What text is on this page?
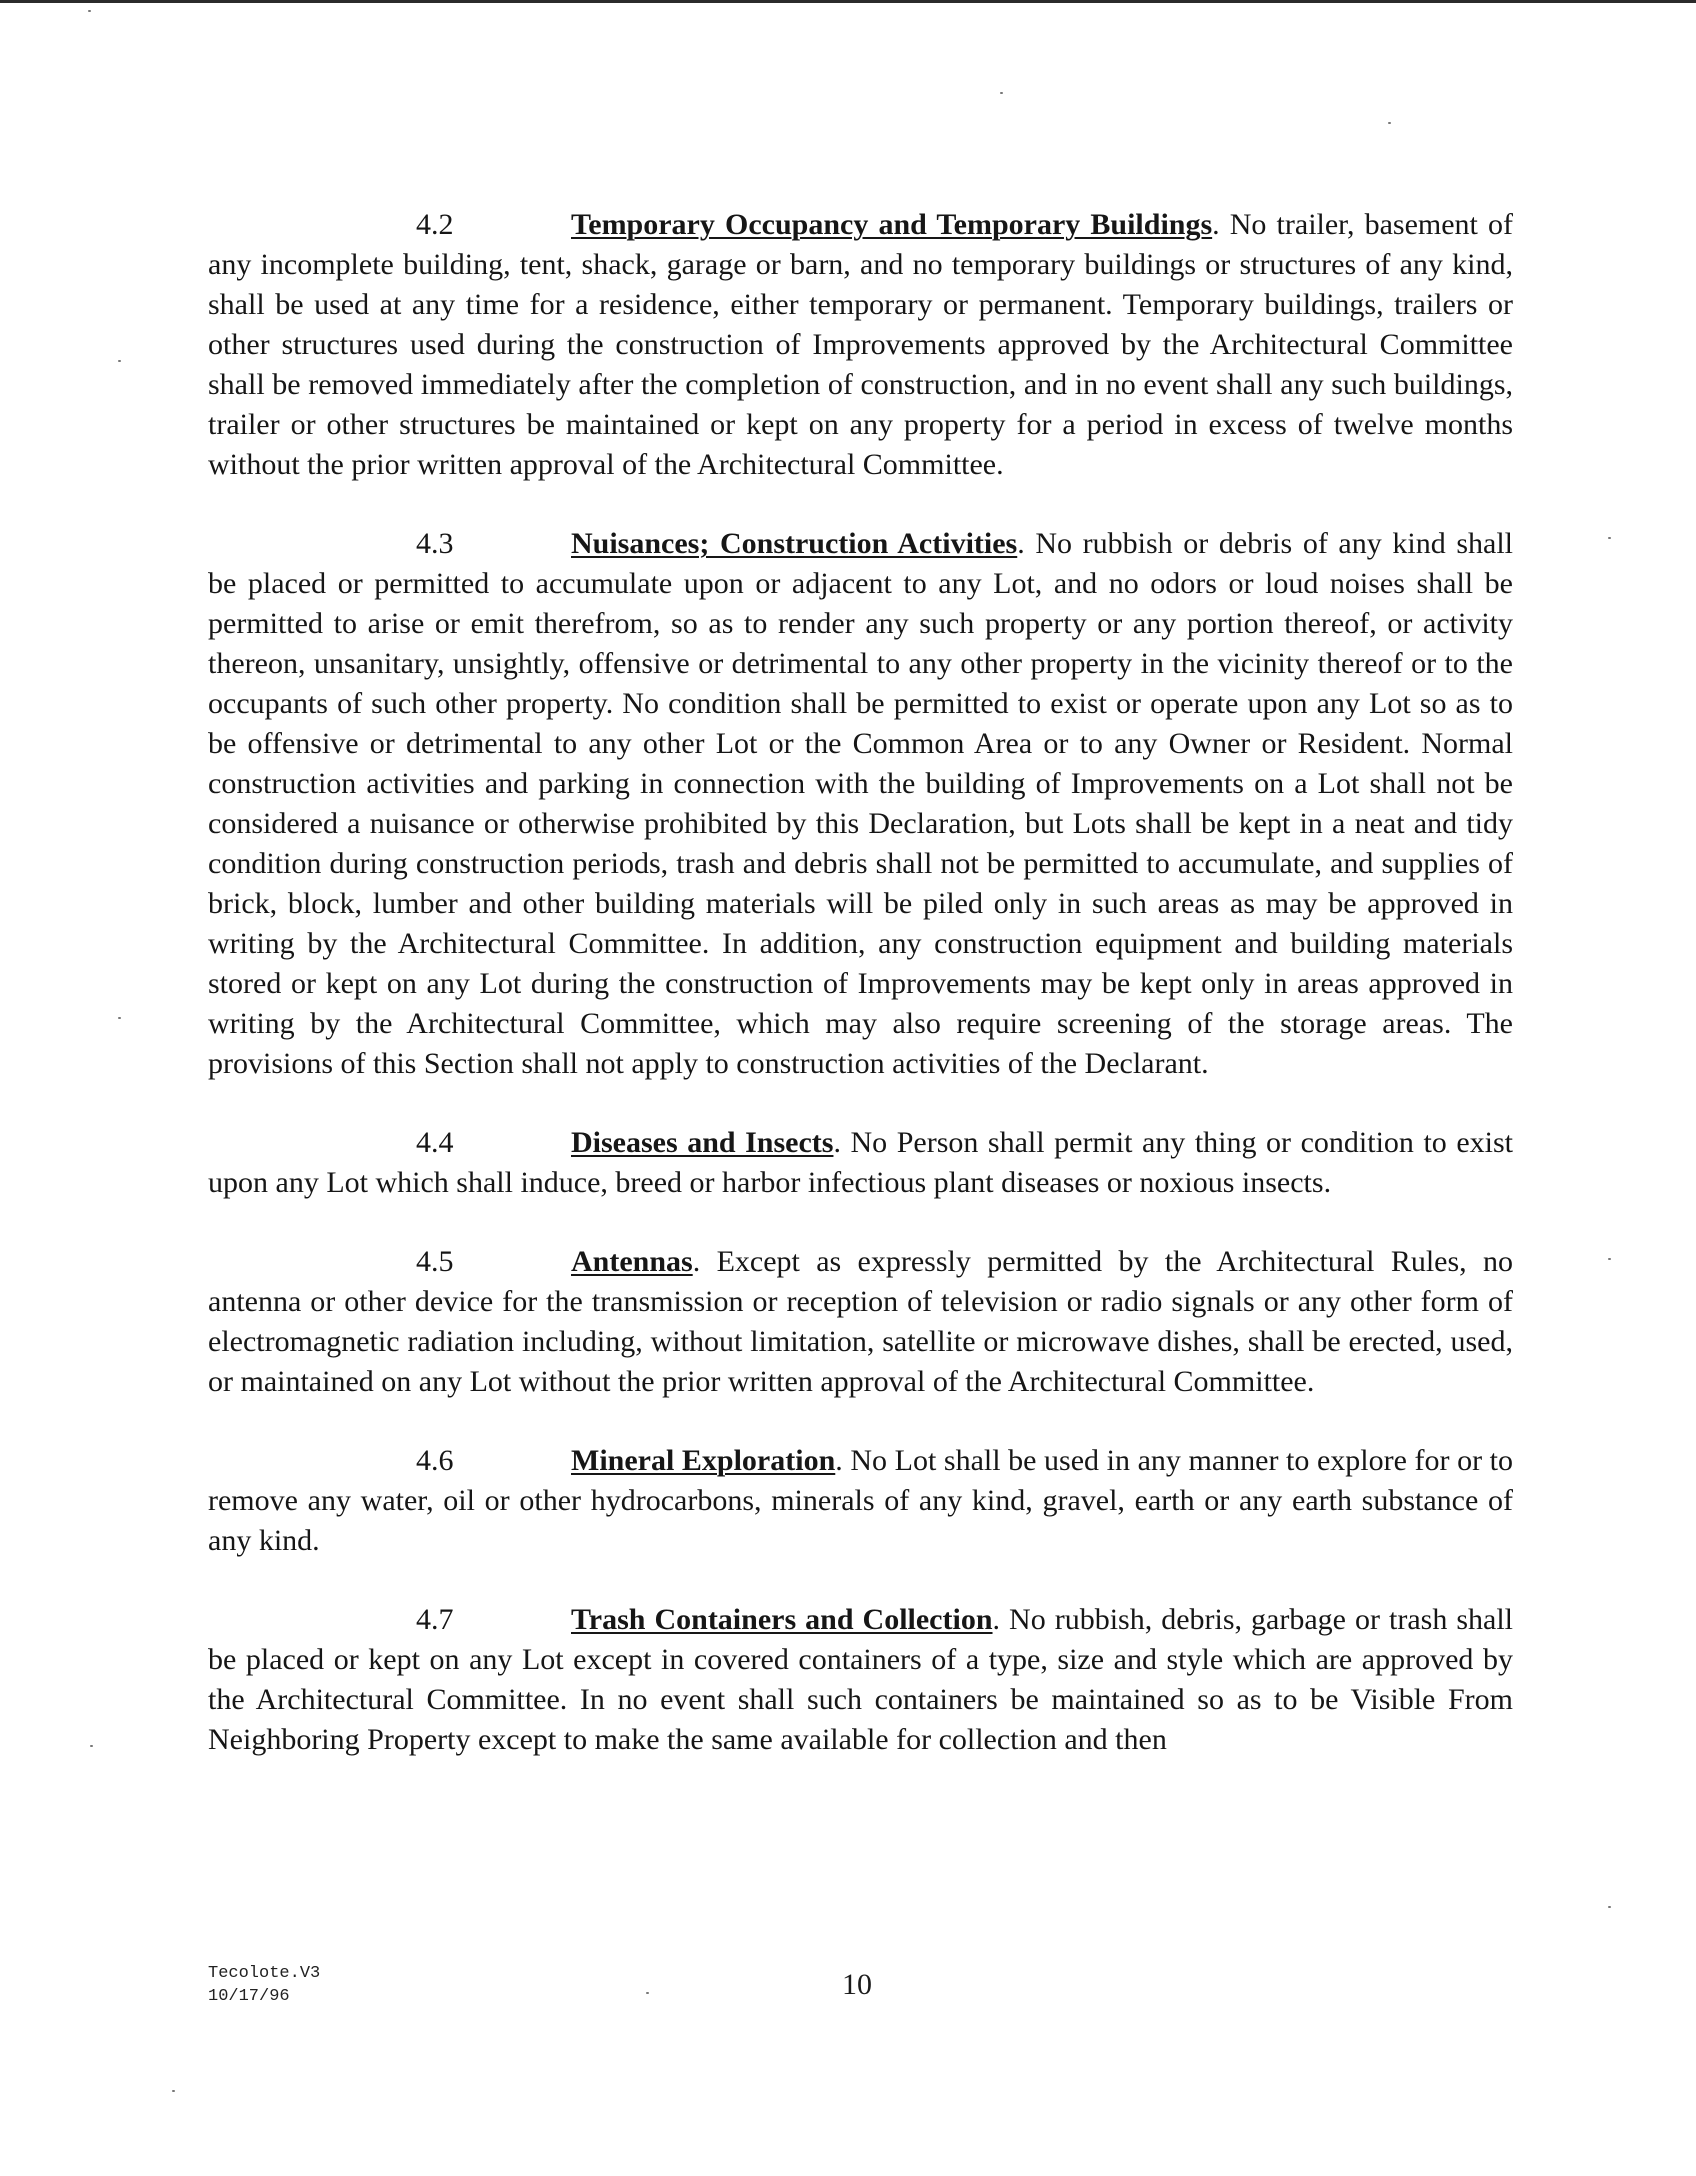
4.2	Temporary Occupancy and Temporary Buildings. No trailer, basement of any incomplete building, tent, shack, garage or barn, and no temporary buildings or structures of any kind, shall be used at any time for a residence, either temporary or permanent. Temporary buildings, trailers or other structures used during the construction of Improvements approved by the Architectural Committee shall be removed immediately after the completion of construction, and in no event shall any such buildings, trailer or other structures be maintained or kept on any property for a period in excess of twelve months without the prior written approval of the Architectural Committee.

4.3	Nuisances; Construction Activities. No rubbish or debris of any kind shall be placed or permitted to accumulate upon or adjacent to any Lot, and no odors or loud noises shall be permitted to arise or emit therefrom, so as to render any such property or any portion thereof, or activity thereon, unsanitary, unsightly, offensive or detrimental to any other property in the vicinity thereof or to the occupants of such other property. No condition shall be permitted to exist or operate upon any Lot so as to be offensive or detrimental to any other Lot or the Common Area or to any Owner or Resident. Normal construction activities and parking in connection with the building of Improvements on a Lot shall not be considered a nuisance or otherwise prohibited by this Declaration, but Lots shall be kept in a neat and tidy condition during construction periods, trash and debris shall not be permitted to accumulate, and supplies of brick, block, lumber and other building materials will be piled only in such areas as may be approved in writing by the Architectural Committee. In addition, any construction equipment and building materials stored or kept on any Lot during the construction of Improvements may be kept only in areas approved in writing by the Architectural Committee, which may also require screening of the storage areas. The provisions of this Section shall not apply to construction activities of the Declarant.

4.4	Diseases and Insects. No Person shall permit any thing or condition to exist upon any Lot which shall induce, breed or harbor infectious plant diseases or noxious insects.

4.5	Antennas. Except as expressly permitted by the Architectural Rules, no antenna or other device for the transmission or reception of television or radio signals or any other form of electromagnetic radiation including, without limitation, satellite or microwave dishes, shall be erected, used, or maintained on any Lot without the prior written approval of the Architectural Committee.

4.6	Mineral Exploration. No Lot shall be used in any manner to explore for or to remove any water, oil or other hydrocarbons, minerals of any kind, gravel, earth or any earth substance of any kind.

4.7	Trash Containers and Collection. No rubbish, debris, garbage or trash shall be placed or kept on any Lot except in covered containers of a type, size and style which are approved by the Architectural Committee. In no event shall such containers be maintained so as to be Visible From Neighboring Property except to make the same available for collection and then

Tecolote.V3
10/17/96	10
